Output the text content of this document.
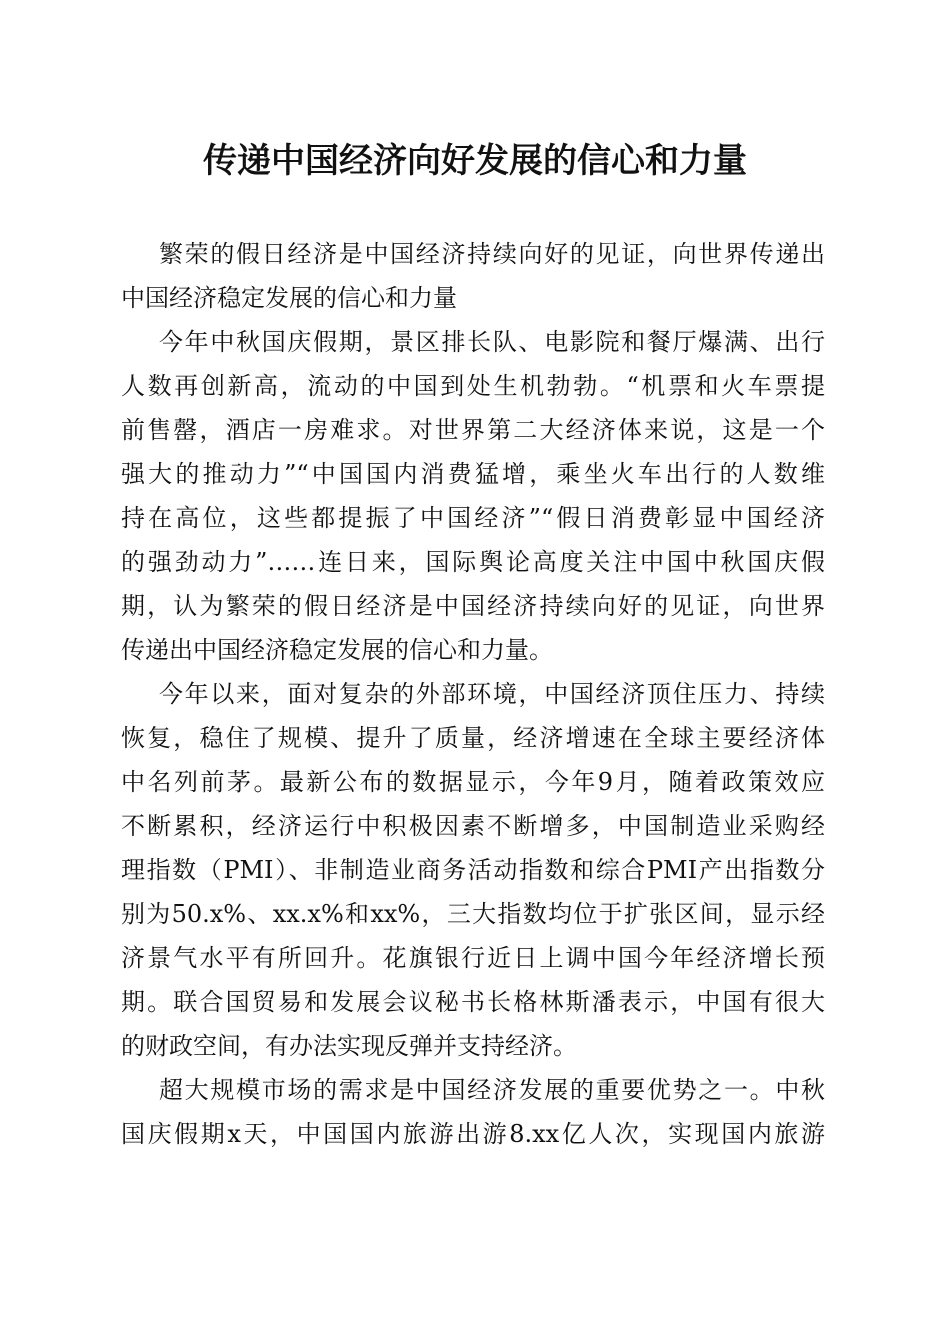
传递中国经济向好发展的信心和力量
繁荣的假日经济是中国经济持续向好的见证，向世界传递出
中国经济稳定发展的信心和力量
今年中秋国庆假期，景区排长队、电影院和餐厅爆满、出行
人数再创新高，流动的中国到处生机勃勃。“机票和火车票提
前售罄，酒店一房难求。对世界第二大经济体来说，这是一个
强大的推动力”“中国国内消费猛增，乘坐火车出行的人数维
持在高位，这些都提振了中国经济”“假日消费彰显中国经济
的强劲动力”……连日来，国际舆论高度关注中国中秋国庆假
期，认为繁荣的假日经济是中国经济持续向好的见证，向世界
传递出中国经济稳定发展的信心和力量。
今年以来，面对复杂的外部环境，中国经济顶住压力、持续
恢复，稳住了规模、提升了质量，经济增速在全球主要经济体
中名列前茅。最新公布的数据显示，今年9月，随着政策效应
不断累积，经济运行中积极因素不断增多，中国制造业采购经
理指数（PMI）、非制造业商务活动指数和综合PMI产出指数分
别为50.x%、xx.x%和xx%，三大指数均位于扩张区间，显示经
济景气水平有所回升。花旗银行近日上调中国今年经济增长预
期。联合国贸易和发展会议秘书长格林斯潘表示，中国有很大
的财政空间，有办法实现反弹并支持经济。
超大规模市场的需求是中国经济发展的重要优势之一。中秋
国庆假期x天，中国国内旅游出游8.xx亿人次，实现国内旅游
